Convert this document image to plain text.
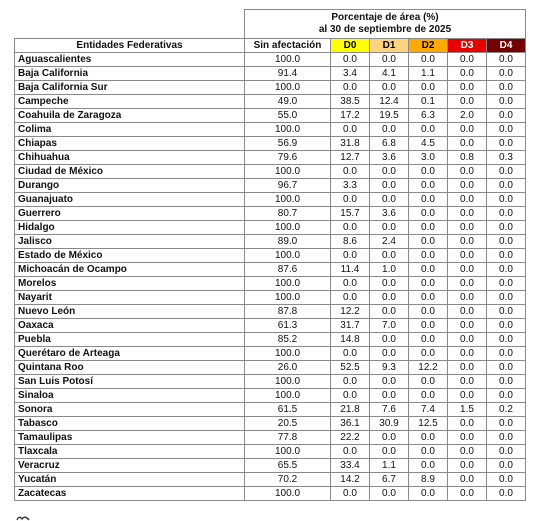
	Porcentaje de área (%)
al 30 de septiembre de 2025					

Entidades Federativas	Sin afectación	D0	D1	D2	D3	D4
Aguascalientes	100.0	0.0	0.0	0.0	0.0	0.0
Baja California	91.4	3.4	4.1	1.1	0.0	0.0
Baja California Sur	100.0	0.0	0.0	0.0	0.0	0.0
Campeche	49.0	38.5	12.4	0.1	0.0	0.0
Coahuila de Zaragoza	55.0	17.2	19.5	6.3	2.0	0.0
Colima	100.0	0.0	0.0	0.0	0.0	0.0
Chiapas	56.9	31.8	6.8	4.5	0.0	0.0
Chihuahua	79.6	12.7	3.6	3.0	0.8	0.3
Ciudad de México	100.0	0.0	0.0	0.0	0.0	0.0
Durango	96.7	3.3	0.0	0.0	0.0	0.0
Guanajuato	100.0	0.0	0.0	0.0	0.0	0.0
Guerrero	80.7	15.7	3.6	0.0	0.0	0.0
Hidalgo	100.0	0.0	0.0	0.0	0.0	0.0
Jalisco	89.0	8.6	2.4	0.0	0.0	0.0
Estado de México	100.0	0.0	0.0	0.0	0.0	0.0
Michoacán de Ocampo	87.6	11.4	1.0	0.0	0.0	0.0
Morelos	100.0	0.0	0.0	0.0	0.0	0.0
Nayarit	100.0	0.0	0.0	0.0	0.0	0.0
Nuevo León	87.8	12.2	0.0	0.0	0.0	0.0
Oaxaca	61.3	31.7	7.0	0.0	0.0	0.0
Puebla	85.2	14.8	0.0	0.0	0.0	0.0
Querétaro de Arteaga	100.0	0.0	0.0	0.0	0.0	0.0
Quintana Roo	26.0	52.5	9.3	12.2	0.0	0.0
San Luis Potosí	100.0	0.0	0.0	0.0	0.0	0.0
Sinaloa	100.0	0.0	0.0	0.0	0.0	0.0
Sonora	61.5	21.8	7.6	7.4	1.5	0.2
Tabasco	20.5	36.1	30.9	12.5	0.0	0.0
Tamaulipas	77.8	22.2	0.0	0.0	0.0	0.0
Tlaxcala	100.0	0.0	0.0	0.0	0.0	0.0
Veracruz	65.5	33.4	1.1	0.0	0.0	0.0
Yucatán	70.2	14.2	6.7	8.9	0.0	0.0
Zacatecas	100.0	0.0	0.0	0.0	0.0	0.0
